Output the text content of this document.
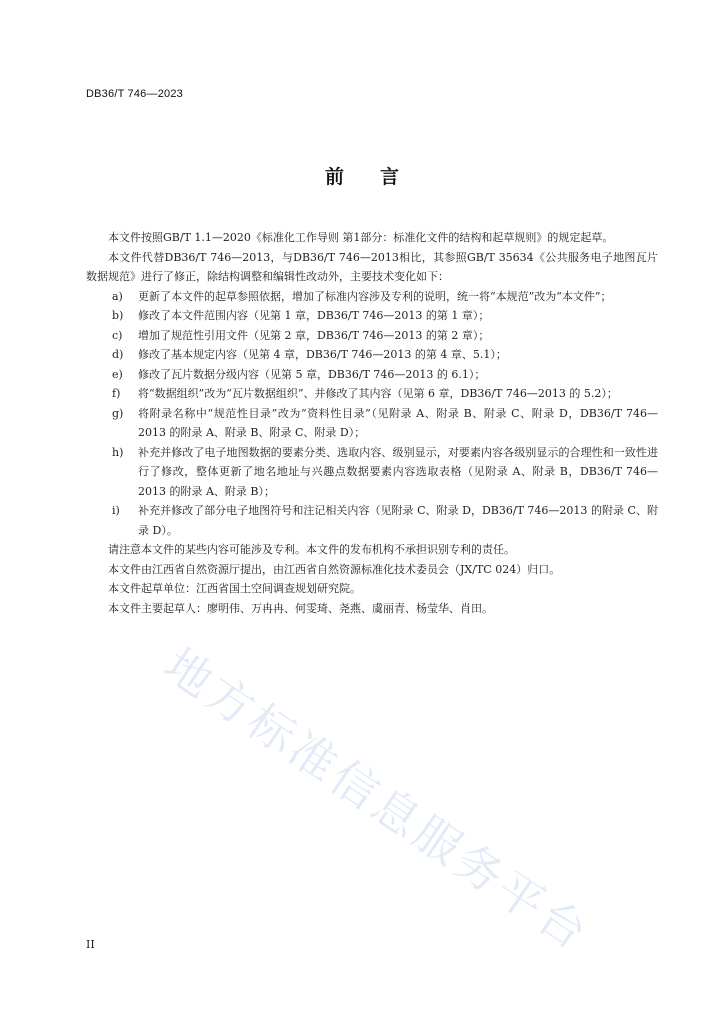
DB36/T 746—2023
前言

本文件按照GB/T 1.1—2020《标准化工作导则 第1部分：标准化文件的结构和起草规则》的规定起草。

本文件代替DB36/T 746—2013，与DB36/T 746—2013相比，其参照GB/T 35634《公共服务电子地图瓦片数据规范》进行了修正，除结构调整和编辑性改动外，主要技术变化如下：

a) 更新了本文件的起草参照依据，增加了标准内容涉及专利的说明，统一将“本规范”改为“本文件”；
b) 修改了本文件范围内容（见第 1 章，DB36/T 746—2013 的第 1 章）；
c) 增加了规范性引用文件（见第 2 章，DB36/T 746—2013 的第 2 章）；
d) 修改了基本规定内容（见第 4 章，DB36/T 746—2013 的第 4 章、5.1）；
e) 修改了瓦片数据分级内容（见第 5 章，DB36/T 746—2013 的 6.1）；
f) 将“数据组织”改为“瓦片数据组织”、并修改了其内容（见第 6 章，DB36/T 746—2013 的 5.2）；
g) 将附录名称中“规范性目录”改为“资料性目录”（见附录 A、附录 B、附录 C、附录 D，DB36/T 746—2013 的附录 A、附录 B、附录 C、附录 D）；
h) 补充并修改了电子地图数据的要素分类、选取内容、级别显示，对要素内容各级别显示的合理性和一致性进行了修改，整体更新了地名地址与兴趣点数据要素内容选取表格（见附录 A、附录 B，DB36/T 746—2013 的附录 A、附录 B）；
i) 补充并修改了部分电子地图符号和注记相关内容（见附录 C、附录 D，DB36/T 746—2013 的附录 C、附录 D）。

请注意本文件的某些内容可能涉及专利。本文件的发布机构不承担识别专利的责任。

本文件由江西省自然资源厅提出，由江西省自然资源标准化技术委员会（JX/TC 024）归口。

本文件起草单位：江西省国土空间调查规划研究院。

本文件主要起草人：廖明伟、万冉冉、何雯琦、尧燕、虞丽青、杨莹华、肖田。

地方标准信息服务平台
II
